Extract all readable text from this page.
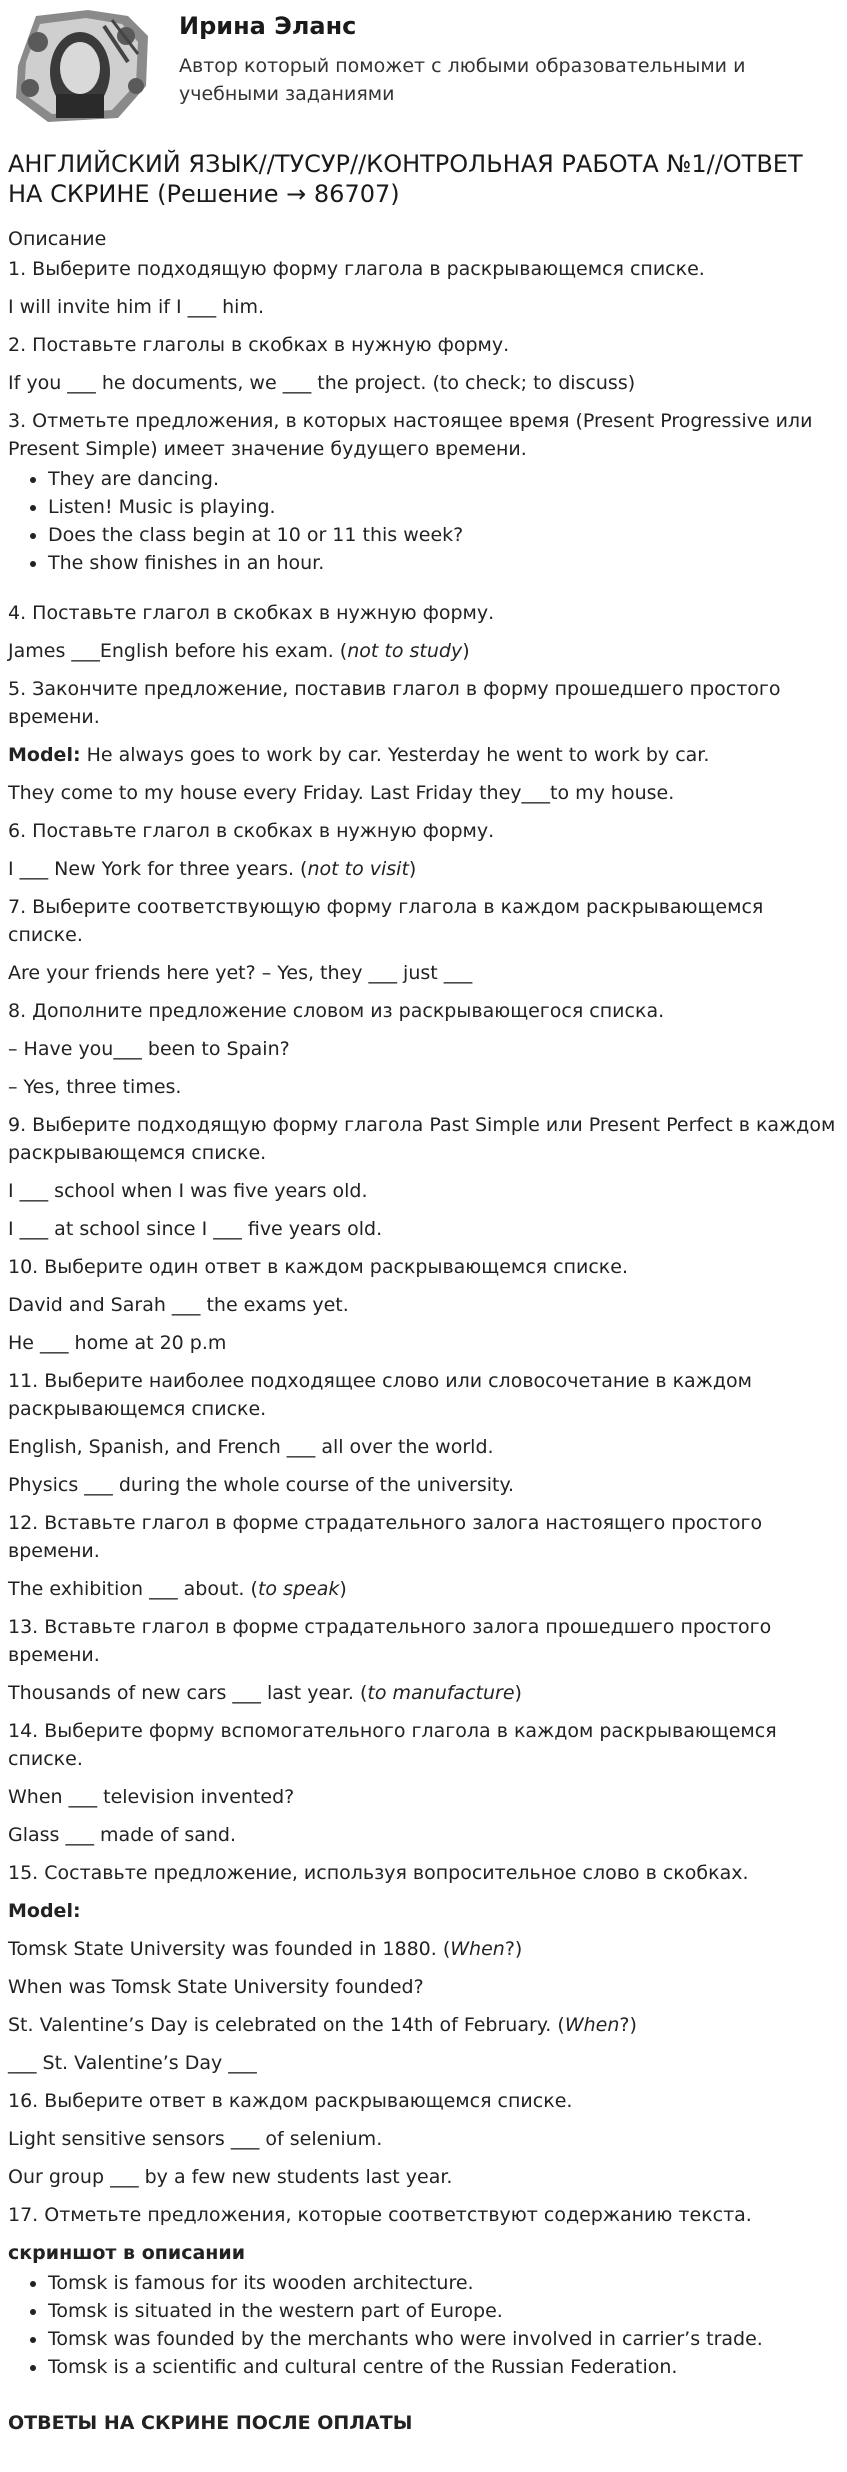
Ирина Эланс
Автор который поможет с любыми образовательными и учебными заданиями
АНГЛИЙСКИЙ ЯЗЫК//ТУСУР//КОНТРОЛЬНАЯ РАБОТА №1//ОТВЕТ НА СКРИНЕ (Решение → 86707)

Описание

1. Выберите подходящую форму глагола в раскрывающемся списке.

I will invite him if I ___ him.

2. Поставьте глаголы в скобках в нужную форму.

If you ___ he documents, we ___ the project. (to check; to discuss)

3. Отметьте предложения, в которых настоящее время (Present Progressive или Present Simple) имеет значение будущего времени.

• They are dancing.
• Listen! Music is playing.
• Does the class begin at 10 or 11 this week?
• The show finishes in an hour.

4. Поставьте глагол в скобках в нужную форму.

James ___English before his exam. (not to study)

5. Закончите предложение, поставив глагол в форму прошедшего простого времени.

Model: He always goes to work by car. Yesterday he went to work by car.

They come to my house every Friday. Last Friday they___to my house.

6. Поставьте глагол в скобках в нужную форму.

I ___ New York for three years. (not to visit)

7. Выберите соответствующую форму глагола в каждом раскрывающемся списке.

Are your friends here yet? – Yes, they ___ just ___

8. Дополните предложение словом из раскрывающегося списка.

– Have you___ been to Spain?

– Yes, three times.

9. Выберите подходящую форму глагола Past Simple или Present Perfect в каждом раскрывающемся списке.

I ___ school when I was five years old.

I ___ at school since I ___ five years old.

10. Выберите один ответ в каждом раскрывающемся списке.

David and Sarah ___ the exams yet.

He ___ home at 20 p.m

11. Выберите наиболее подходящее слово или словосочетание в каждом раскрывающемся списке.

English, Spanish, and French ___ all over the world.

Physics ___ during the whole course of the university.

12. Вставьте глагол в форме страдательного залога настоящего простого времени.

The exhibition ___ about. (to speak)

13. Вставьте глагол в форме страдательного залога прошедшего простого времени.

Thousands of new cars ___ last year. (to manufacture)

14. Выберите форму вспомогательного глагола в каждом раскрывающемся списке.

When ___ television invented?

Glass ___ made of sand.

15. Составьте предложение, используя вопросительное слово в скобках.

Model:

Tomsk State University was founded in 1880. (When?)

When was Tomsk State University founded?

St. Valentine’s Day is celebrated on the 14th of February. (When?)

___ St. Valentine’s Day ___

16. Выберите ответ в каждом раскрывающемся списке.

Light sensitive sensors ___ of selenium.

Our group ___ by a few new students last year.

17. Отметьте предложения, которые соответствуют содержанию текста.

скриншот в описании

• Tomsk is famous for its wooden architecture.
• Tomsk is situated in the western part of Europe.
• Tomsk was founded by the merchants who were involved in carrier’s trade.
• Tomsk is a scientific and cultural centre of the Russian Federation.

ОТВЕТЫ НА СКРИНЕ ПОСЛЕ ОПЛАТЫ
